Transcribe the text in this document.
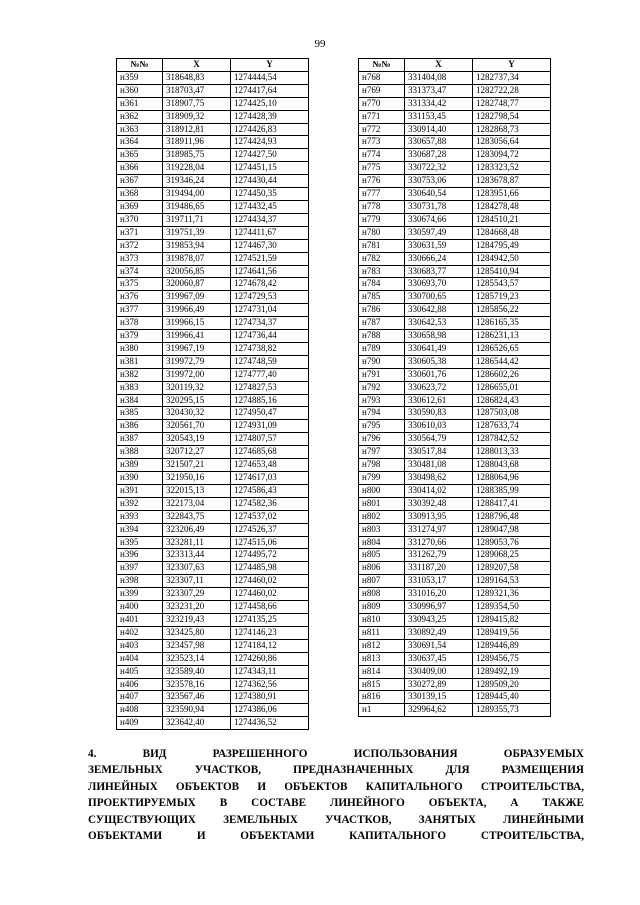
99
№№	X	Y
н359	318648,83	1274444,54
н360	318703,47	1274417,64
н361	318907,75	1274425,10
н362	318909,32	1274428,39
н363	318912,81	1274426,83
н364	318911,96	1274424,93
н365	318985,75	1274427,50
н366	319228,04	1274451,15
н367	319346,24	1274430,44
н368	319494,00	1274450,35
н369	319486,65	1274432,45
н370	319711,71	1274434,37
н371	319751,39	1274411,67
н372	319853,94	1274467,30
н373	319878,07	1274521,59
н374	320056,85	1274641,56
н375	320060,87	1274678,42
н376	319967,09	1274729,53
н377	319966,49	1274731,04
н378	319966,15	1274734,37
н379	319966,41	1274736,44
н380	319967,19	1274738,82
н381	319972,79	1274748,59
н382	319972,00	1274777,40
н383	320119,32	1274827,53
н384	320295,15	1274885,16
н385	320430,32	1274950,47
н386	320561,70	1274931,09
н387	320543,19	1274807,57
н388	320712,27	1274685,68
н389	321507,21	1274653,48
н390	321950,16	1274617,03
н391	322015,13	1274586,43
н392	322173,04	1274582,36
н393	322843,75	1274537,02
н394	323206,49	1274526,37
н395	323281,11	1274515,06
н396	323313,44	1274495,72
н397	323307,63	1274485,98
н398	323307,11	1274460,02
н399	323307,29	1274460,02
н400	323231,20	1274458,66
н401	323219,43	1274135,25
н402	323425,80	1274146,23
н403	323457,98	1274184,12
н404	323523,14	1274260,86
н405	323589,40	1274343,11
н406	323578,16	1274362,56
н407	323567,46	1274380,91
н408	323590,94	1274386,06
н409	323642,40	1274436,52
№№	X	Y
н768	331404,08	1282737,34
н769	331373,47	1282722,28
н770	331334,42	1282748,77
н771	331153,45	1282798,54
н772	330914,40	1282868,73
н773	330657,88	1283056,64
н774	330687,28	1283094,72
н775	330722,32	1283323,52
н776	330753,06	1283678,87
н777	330640,54	1283951,66
н778	330731,78	1284278,48
н779	330674,66	1284510,21
н780	330597,49	1284668,48
н781	330631,59	1284795,49
н782	330666,24	1284942,50
н783	330683,77	1285410,94
н784	330693,70	1285543,57
н785	330700,65	1285719,23
н786	330642,88	1285856,22
н787	330642,53	1286165,35
н788	330658,98	1286231,13
н789	330641,49	1286526,65
н790	330605,38	1286544,42
н791	330601,76	1286602,26
н792	330623,72	1286655,01
н793	330612,61	1286824,43
н794	330590,83	1287503,08
н795	330610,03	1287633,74
н796	330564,79	1287842,52
н797	330517,84	1288013,33
н798	330481,08	1288043,68
н799	330498,62	1288064,96
н800	330414,02	1288385,99
н801	330392,48	1288417,41
н802	330913,95	1288796,48
н803	331274,97	1289047,98
н804	331270,66	1289053,76
н805	331262,79	1289068,25
н806	331187,20	1289207,58
н807	331053,17	1289164,53
н808	331016,20	1289321,36
н809	330996,97	1289354,50
н810	330943,25	1289415,82
н811	330892,49	1289419,56
н812	330691,54	1289446,89
н813	330637,45	1289456,75
н814	330409,00	1289492,19
н815	330272,89	1289509,20
н816	330139,15	1289445,40
н1	329964,62	1289355,73
4. ВИД РАЗРЕШЕННОГО ИСПОЛЬЗОВАНИЯ ОБРАЗУЕМЫХ
ЗЕМЕЛЬНЫХ УЧАСТКОВ, ПРЕДНАЗНАЧЕННЫХ ДЛЯ РАЗМЕЩЕНИЯ
ЛИНЕЙНЫХ ОБЪЕКТОВ И ОБЪЕКТОВ КАПИТАЛЬНОГО СТРОИТЕЛЬСТВА,
ПРОЕКТИРУЕМЫХ В СОСТАВЕ ЛИНЕЙНОГО ОБЪЕКТА, А ТАКЖЕ
СУЩЕСТВУЮЩИХ ЗЕМЕЛЬНЫХ УЧАСТКОВ, ЗАНЯТЫХ ЛИНЕЙНЫМИ
ОБЪЕКТАМИ И ОБЪЕКТАМИ КАПИТАЛЬНОГО СТРОИТЕЛЬСТВА,
